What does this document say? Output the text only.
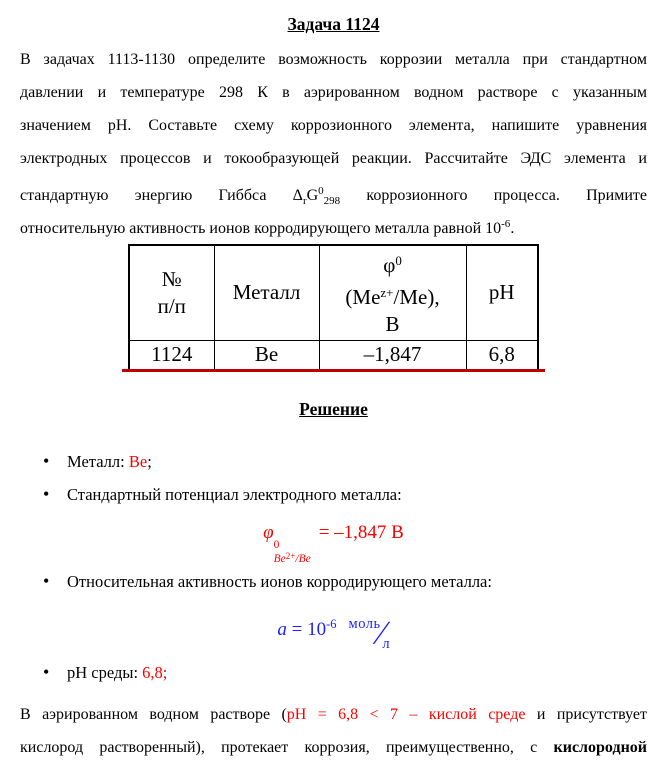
Задача 1124
В задачах 1113-1130 определите возможность коррозии металла при стандартном
давлении и температуре 298 К в аэрированном водном растворе с указанным
значением pH. Составьте схему коррозионного элемента, напишите уравнения
электродных процессов и токообразующей реакции. Рассчитайте ЭДС элемента и
стандартную энергию Гиббса $\Delta_rG^0_{298}$ коррозионного процесса. Примите
относительную активность ионов корродирующего металла равной $10^{-6}$.
№
п/п	Металл	$\varphi^0$
$(Me^{z+}/Me)$,
В	pH
1124	Be	–1,847	6,8
Решение
• Металл: Be;
• Стандартный потенциал электродного металла:
φ
0
$Be^{2+}/Be$
= –1,847 В
• Относительная активность ионов корродирующего металла:
$a = 10^{-6}$ $^{моль}∕_л$
• pH среды: 6,8;
В аэрированном водном растворе (pH = 6,8 < 7 – кислой среде и присутствует
кислород растворенный), протекает коррозия, преимущественно, с кислородной
